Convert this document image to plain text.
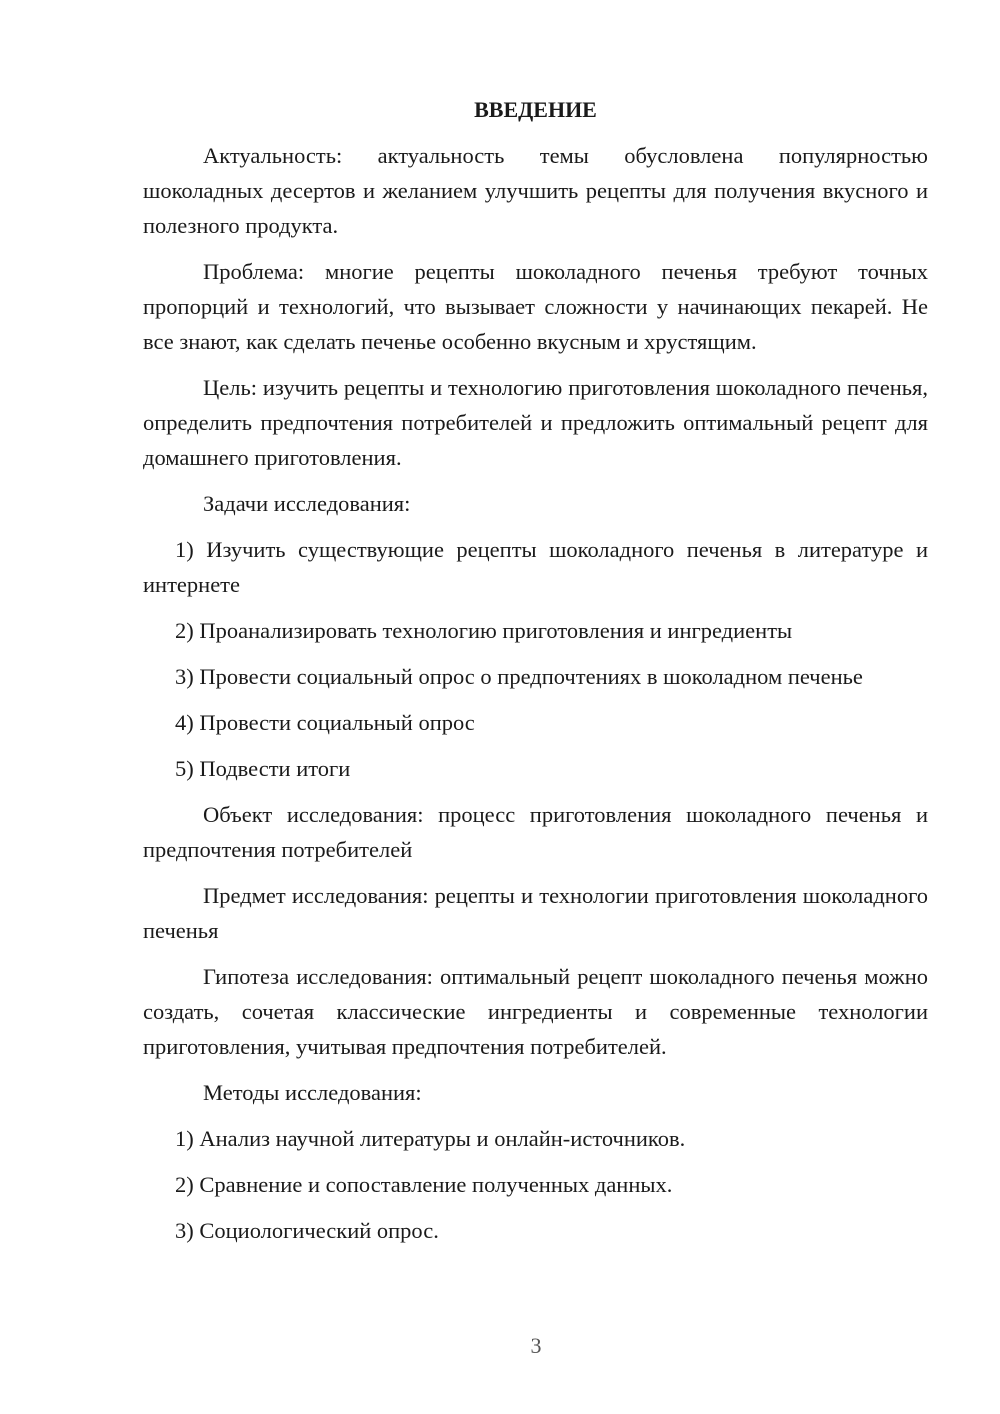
ВВЕДЕНИЕ

Актуальность: актуальность темы обусловлена популярностью шоколадных десертов и желанием улучшить рецепты для получения вкусного и полезного продукта.

Проблема: многие рецепты шоколадного печенья требуют точных пропорций и технологий, что вызывает сложности у начинающих пекарей. Не все знают, как сделать печенье особенно вкусным и хрустящим.

Цель: изучить рецепты и технологию приготовления шоколадного печенья, определить предпочтения потребителей и предложить оптимальный рецепт для домашнего приготовления.

Задачи исследования:

1) Изучить существующие рецепты шоколадного печенья в литературе и интернете

2) Проанализировать технологию приготовления и ингредиенты

3) Провести социальный опрос о предпочтениях в шоколадном печенье

4) Провести социальный опрос

5) Подвести итоги

Объект исследования: процесс приготовления шоколадного печенья и предпочтения потребителей

Предмет исследования: рецепты и технологии приготовления шоколадного печенья

Гипотеза исследования: оптимальный рецепт шоколадного печенья можно создать, сочетая классические ингредиенты и современные технологии приготовления, учитывая предпочтения потребителей.

Методы исследования:

1) Анализ научной литературы и онлайн-источников.

2) Сравнение и сопоставление полученных данных.

3) Социологический опрос.

3
